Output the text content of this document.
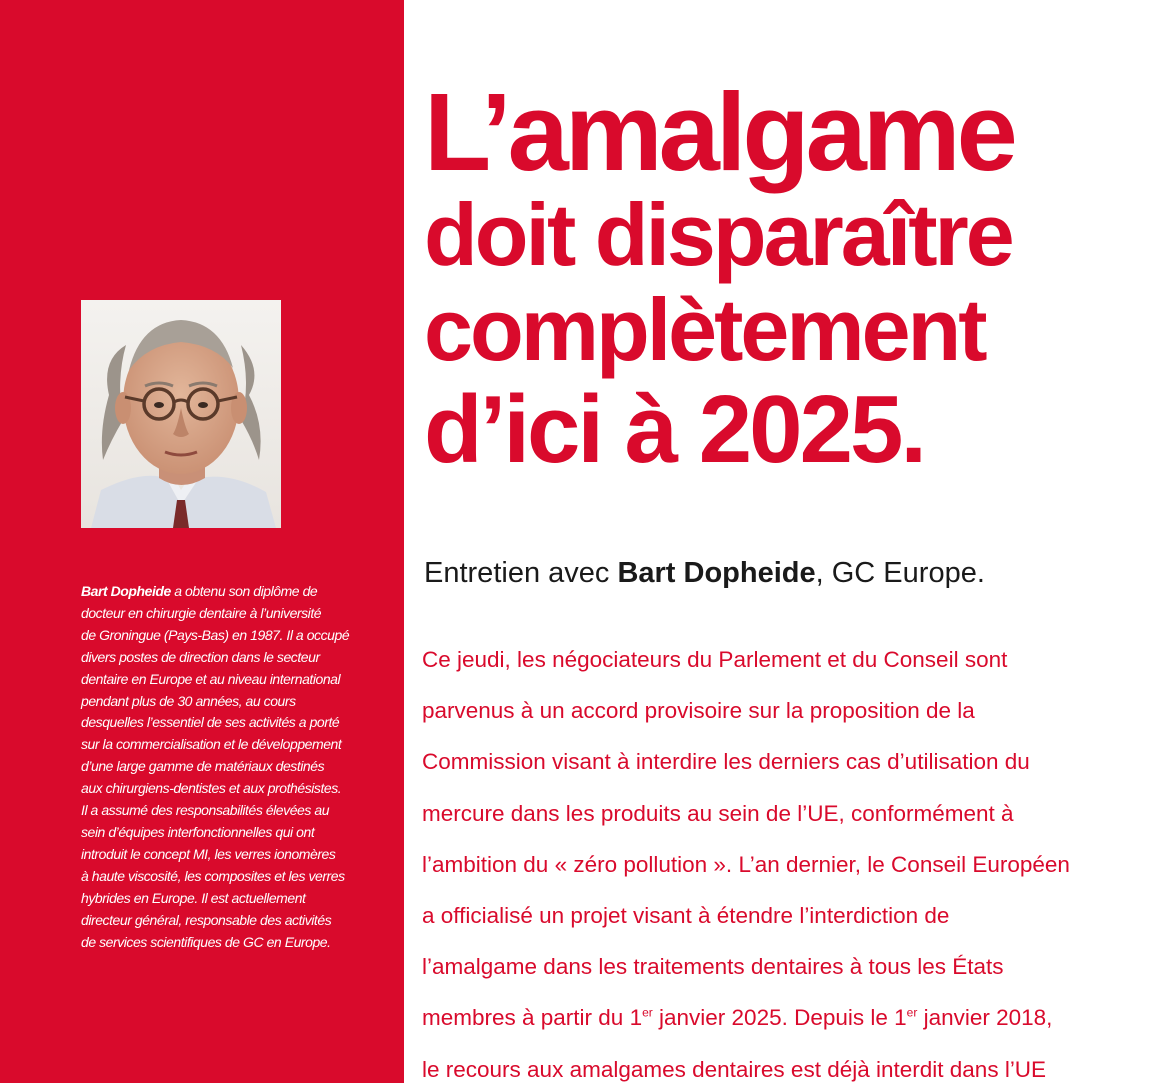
Bart Dopheide a obtenu son diplôme de
docteur en chirurgie dentaire à l’université
de Groningue (Pays-Bas) en 1987. Il a occupé
divers postes de direction dans le secteur
dentaire en Europe et au niveau international
pendant plus de 30 années, au cours
desquelles l’essentiel de ses activités a porté
sur la commercialisation et le développement
d’une large gamme de matériaux destinés
aux chirurgiens-dentistes et aux prothésistes.
Il a assumé des responsabilités élevées au
sein d’équipes interfonctionnelles qui ont
introduit le concept MI, les verres ionomères
à haute viscosité, les composites et les verres
hybrides en Europe. Il est actuellement
directeur général, responsable des activités
de services scientifiques de GC en Europe.
L’amalgame
doit disparaître
complètement
d’ici à 2025.
Entretien avec Bart Dopheide, GC Europe.
Ce jeudi, les négociateurs du Parlement et du Conseil sont
parvenus à un accord provisoire sur la proposition de la
Commission visant à interdire les derniers cas d’utilisation du
mercure dans les produits au sein de l’UE, conformément à
l’ambition du « zéro pollution ». L’an dernier, le Conseil Européen
a officialisé un projet visant à étendre l’interdiction de
l’amalgame dans les traitements dentaires à tous les États
membres à partir du 1er janvier 2025. Depuis le 1er janvier 2018,
le recours aux amalgames dentaires est déjà interdit dans l’UE
